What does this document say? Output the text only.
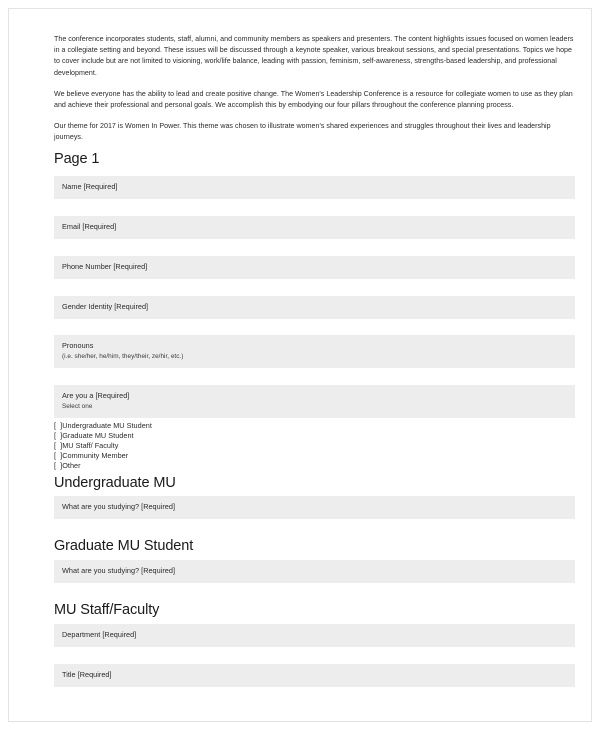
The conference incorporates students, staff, alumni, and community members as speakers and presenters. The content highlights issues focused on women leaders in a collegiate setting and beyond. These issues will be discussed through a keynote speaker, various breakout sessions, and special presentations. Topics we hope to cover include but are not limited to visioning, work/life balance, leading with passion, feminism, self-awareness, strengths-based leadership, and professional development.

We believe everyone has the ability to lead and create positive change. The Women's Leadership Conference is a resource for collegiate women to use as they plan and achieve their professional and personal goals. We accomplish this by embodying our four pillars throughout the conference planning process.

Our theme for 2017 is Women In Power. This theme was chosen to illustrate women's shared experiences and struggles throughout their lives and leadership journeys.

Page 1
Name [Required]
Email [Required]
Phone Number [Required]
Gender Identity [Required]
Pronouns
(i.e. she/her, he/him, they/their, ze/hir, etc.)
Are you a [Required]
Select one
[  ]Undergraduate MU Student
[  ]Graduate MU Student
[  ]MU Staff/ Faculty
[  ]Community Member
[  ]Other
Undergraduate MU
What are you studying? [Required]
Graduate MU Student
What are you studying? [Required]
MU Staff/Faculty
Department [Required]
Title [Required]
